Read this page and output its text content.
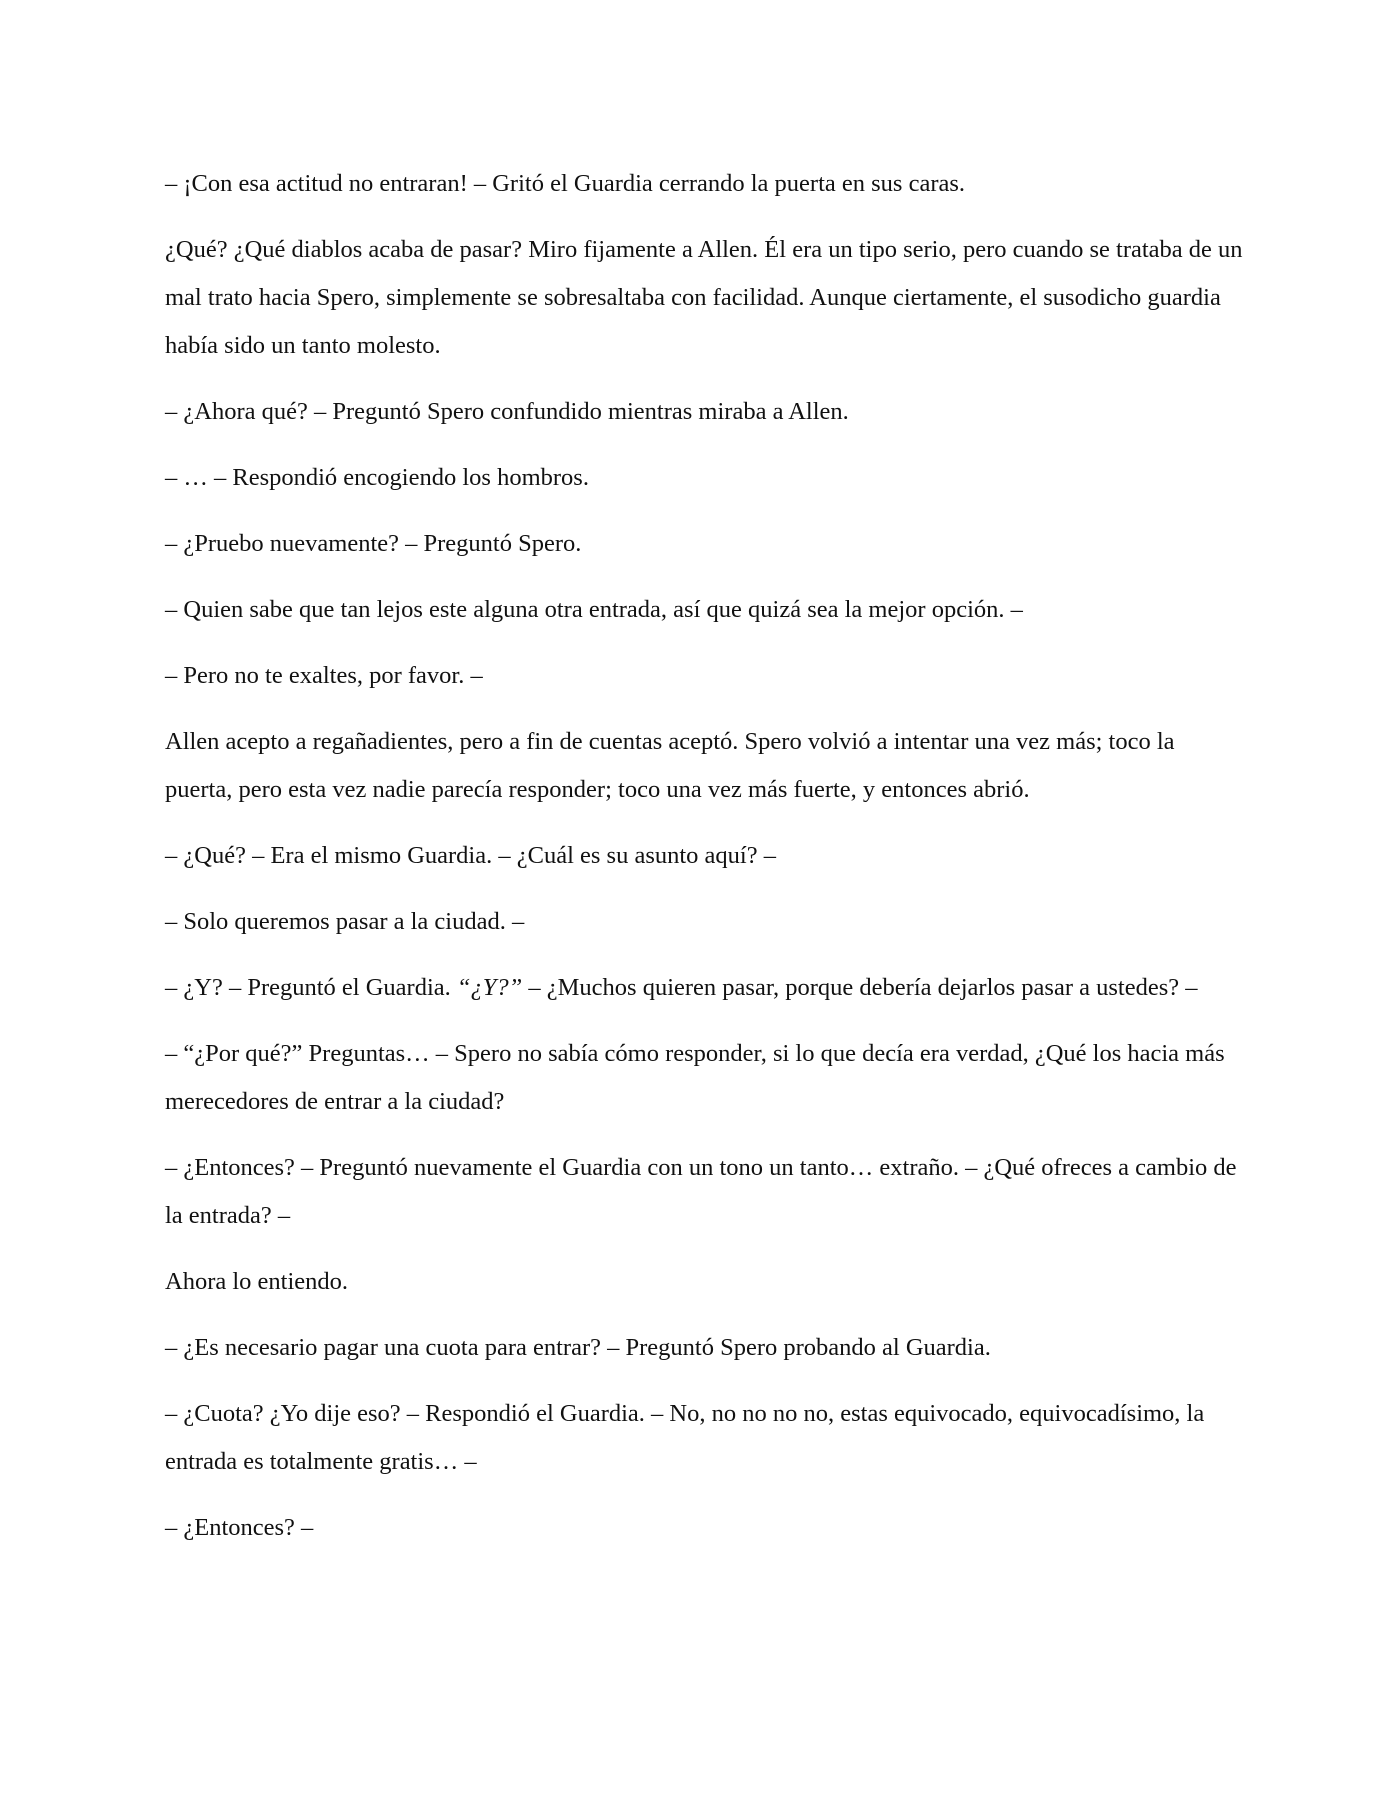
– ¡Con esa actitud no entraran! – Gritó el Guardia cerrando la puerta en sus caras.

¿Qué? ¿Qué diablos acaba de pasar? Miro fijamente a Allen. Él era un tipo serio, pero cuando se trataba de un mal trato hacia Spero, simplemente se sobresaltaba con facilidad. Aunque ciertamente, el susodicho guardia había sido un tanto molesto.

– ¿Ahora qué? – Preguntó Spero confundido mientras miraba a Allen.

– … – Respondió encogiendo los hombros.

– ¿Pruebo nuevamente? – Preguntó Spero.

– Quien sabe que tan lejos este alguna otra entrada, así que quizá sea la mejor opción. –

– Pero no te exaltes, por favor. –

Allen acepto a regañadientes, pero a fin de cuentas aceptó. Spero volvió a intentar una vez más; toco la puerta, pero esta vez nadie parecía responder; toco una vez más fuerte, y entonces abrió.

– ¿Qué? – Era el mismo Guardia. – ¿Cuál es su asunto aquí? –

– Solo queremos pasar a la ciudad. –

– ¿Y? – Preguntó el Guardia. “¿Y?” – ¿Muchos quieren pasar, porque debería dejarlos pasar a ustedes? –

– “¿Por qué?” Preguntas… – Spero no sabía cómo responder, si lo que decía era verdad, ¿Qué los hacia más merecedores de entrar a la ciudad?

– ¿Entonces? – Preguntó nuevamente el Guardia con un tono un tanto… extraño. – ¿Qué ofreces a cambio de la entrada? –

Ahora lo entiendo.

– ¿Es necesario pagar una cuota para entrar? – Preguntó Spero probando al Guardia.

– ¿Cuota? ¿Yo dije eso? – Respondió el Guardia. – No, no no no no, estas equivocado, equivocadísimo, la entrada es totalmente gratis… –

– ¿Entonces? –
